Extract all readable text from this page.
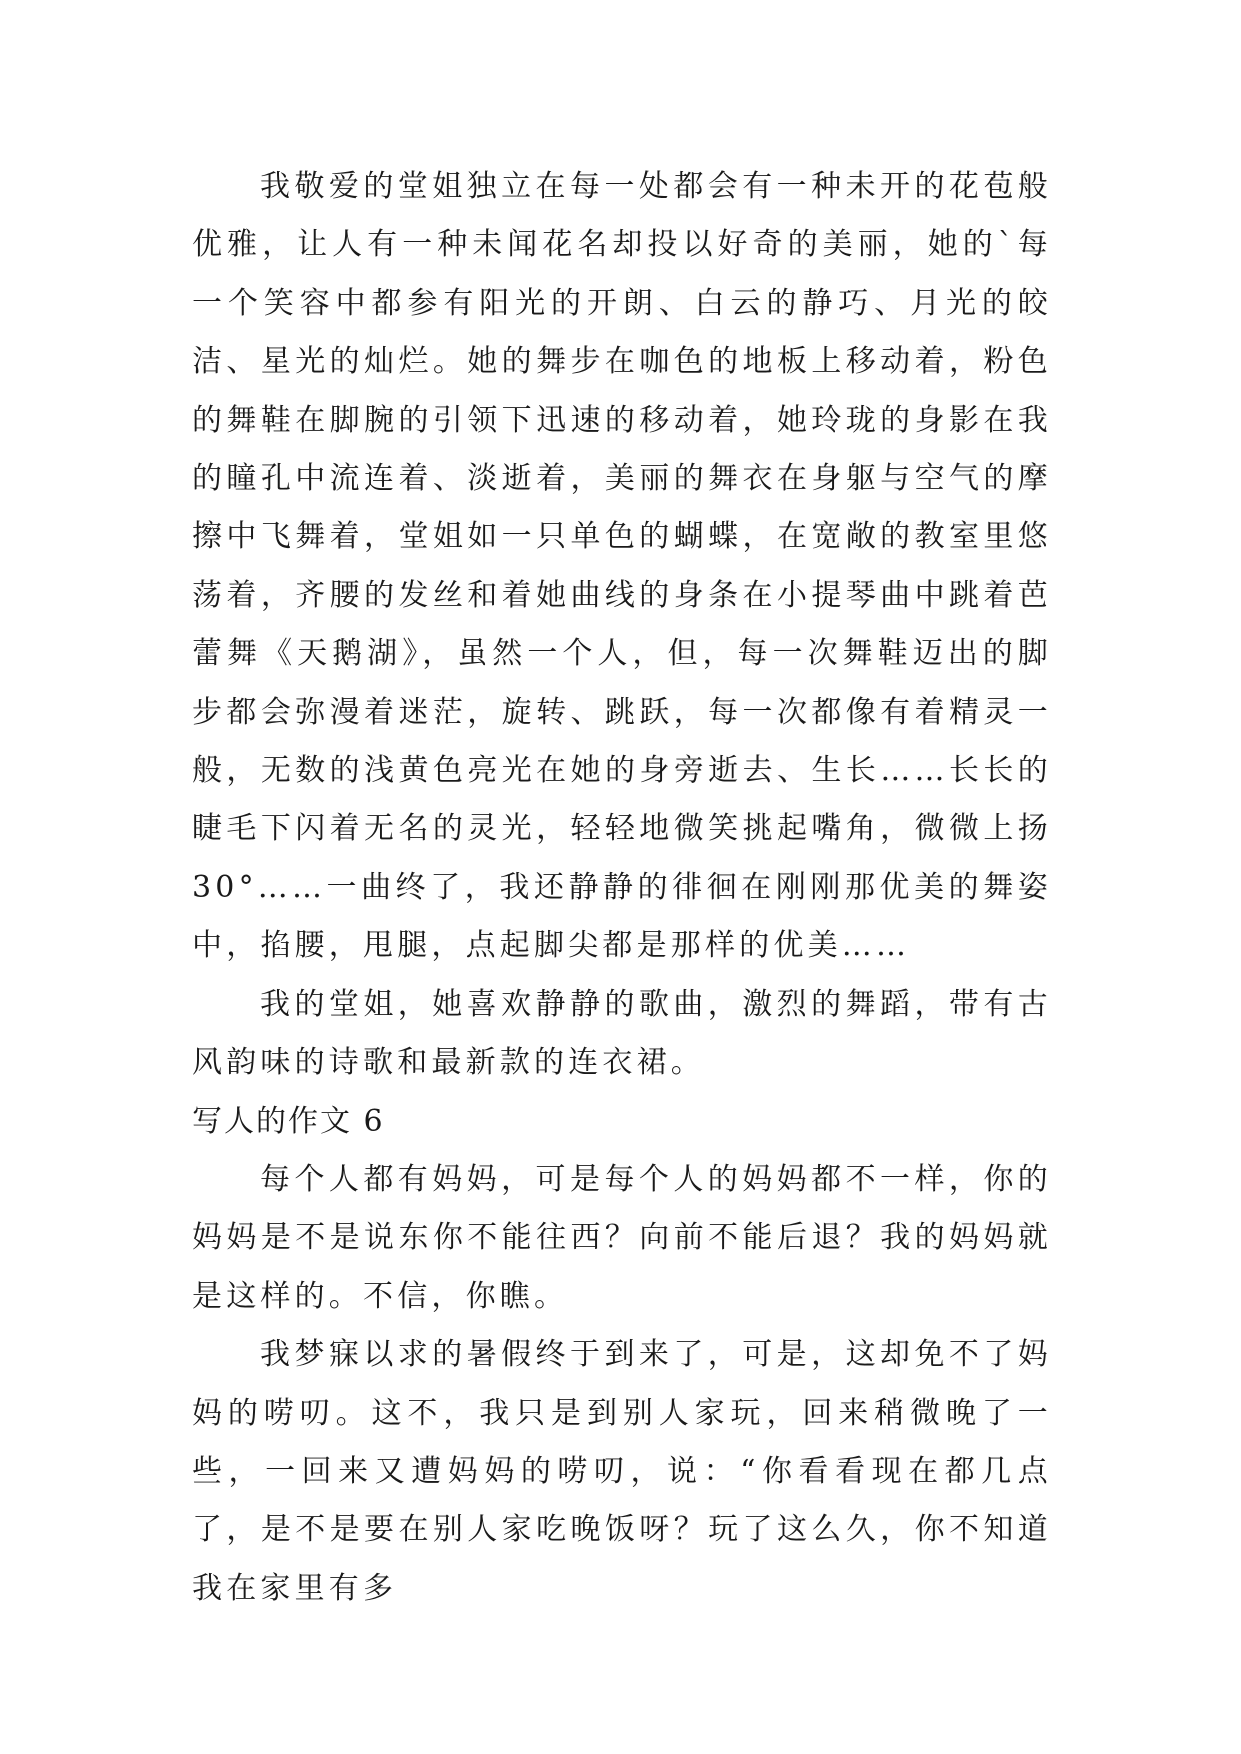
我敬爱的堂姐独立在每一处都会有一种未开的花苞般优雅，让人有一种未闻花名却投以好奇的美丽，她的`每一个笑容中都参有阳光的开朗、白云的静巧、月光的皎洁、星光的灿烂。她的舞步在咖色的地板上移动着，粉色的舞鞋在脚腕的引领下迅速的移动着，她玲珑的身影在我的瞳孔中流连着、淡逝着，美丽的舞衣在身躯与空气的摩擦中飞舞着，堂姐如一只单色的蝴蝶，在宽敞的教室里悠荡着，齐腰的发丝和着她曲线的身条在小提琴曲中跳着芭蕾舞《天鹅湖》，虽然一个人，但，每一次舞鞋迈出的脚步都会弥漫着迷茫，旋转、跳跃，每一次都像有着精灵一般，无数的浅黄色亮光在她的身旁逝去、生长……长长的睫毛下闪着无名的灵光，轻轻地微笑挑起嘴角，微微上扬 30°……一曲终了，我还静静的徘徊在刚刚那优美的舞姿中，掐腰，甩腿，点起脚尖都是那样的优美……

我的堂姐，她喜欢静静的歌曲，激烈的舞蹈，带有古风韵味的诗歌和最新款的连衣裙。

写人的作文 6

每个人都有妈妈，可是每个人的妈妈都不一样，你的妈妈是不是说东你不能往西？向前不能后退？我的妈妈就是这样的。不信，你瞧。

我梦寐以求的暑假终于到来了，可是，这却免不了妈妈的唠叨。这不，我只是到别人家玩，回来稍微晚了一些，一回来又遭妈妈的唠叨，说：“你看看现在都几点了，是不是要在别人家吃晚饭呀？玩了这么久，你不知道我在家里有多
